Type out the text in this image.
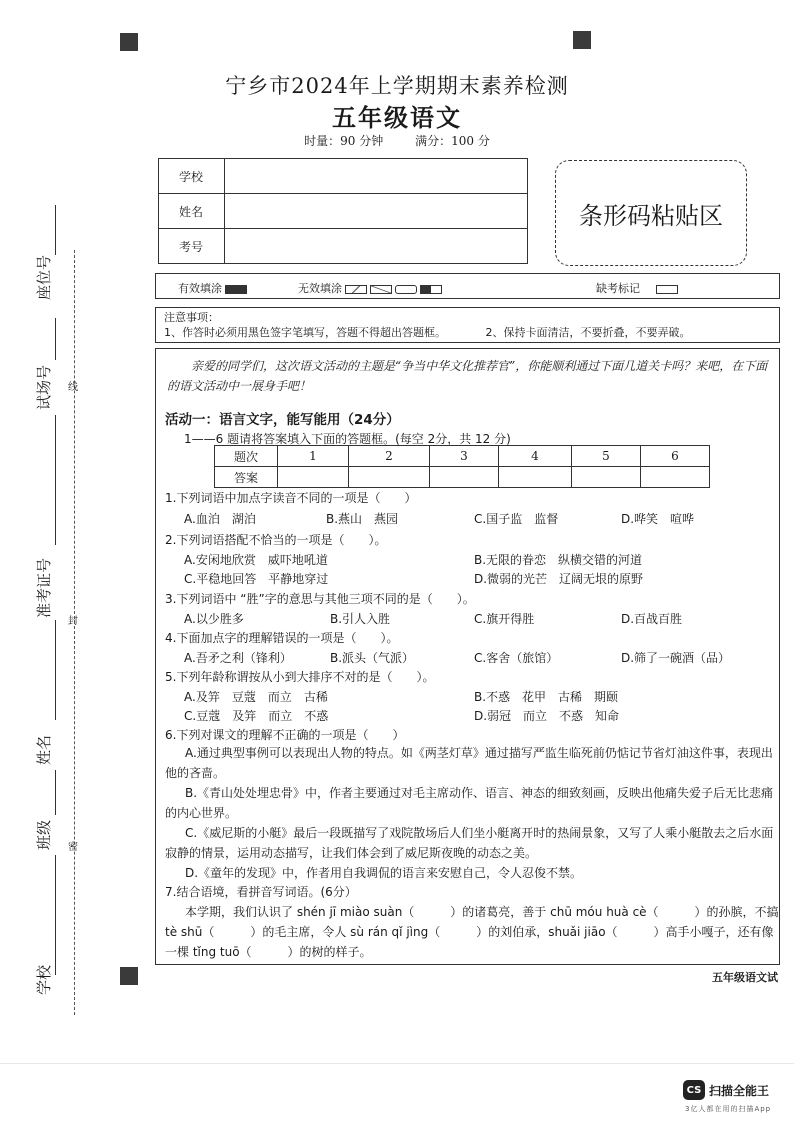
宁乡市2024年上学期期末素养检测
五年级语文
时量：90 分钟	满分：100 分
学校	
姓名	
考号	
条形码粘贴区
有效填涂	无效填涂	缺考标记
注意事项：
1、作答时必须用黑色签字笔填写，答题不得超出答题框。	2、保持卡面清洁，不要折叠，不要弄破。
亲爱的同学们，这次语文活动的主题是“争当中华文化推荐官”，你能顺利通过下面几道关卡吗？来吧，在下面的语文活动中一展身手吧！
活动一：语言文字，能写能用（24分）
1——6 题请将答案填入下面的答题框。(每空 2分，共 12 分)
题次	1	2	3	4	5	6
答案						
1.下列词语中加点字读音不同的一项是（　　）
A.血泊　湖泊	B.燕山　燕园	C.国子监　监督	D.哗笑　喧哗
2.下列词语搭配不恰当的一项是（　　）。
A.安闲地欣赏　威吓地吼道	B.无限的眷恋　纵横交错的河道
C.平稳地回答　平静地穿过	D.微弱的光芒　辽阔无垠的原野
3.下列词语中 “胜”字的意思与其他三项不同的是（　　）。
A.以少胜多	B.引人入胜	C.旗开得胜	D.百战百胜
4.下面加点字的理解错误的一项是（　　）。
A.吾矛之利（锋利）	B.派头（气派）	C.客舍（旅馆）	D.筛了一碗酒（品）
5.下列年龄称谓按从小到大排序不对的是（　　）。
A.及笄　豆蔻　而立　古稀	B.不惑　花甲　古稀　期颐
C.豆蔻　及笄　而立　不惑	D.弱冠　而立　不惑　知命
6.下列对课文的理解不正确的一项是（　　）
A.通过典型事例可以表现出人物的特点。如《两茎灯草》通过描写严监生临死前仍惦记节省灯油这件事，表现出他的吝啬。
B.《青山处处埋忠骨》中，作者主要通过对毛主席动作、语言、神态的细致刻画，反映出他痛失爱子后无比悲痛的内心世界。
C.《威尼斯的小艇》最后一段既描写了戏院散场后人们坐小艇离开时的热闹景象，又写了人乘小艇散去之后水面寂静的情景，运用动态描写，让我们体会到了威尼斯夜晚的动态之美。
D.《童年的发现》中，作者用自我调侃的语言来安慰自己，令人忍俊不禁。
7.结合语境，看拼音写词语。(6分）
本学期，我们认识了 shén jī miào suàn（　　　）的诸葛亮，善于 chū móu huà cè（　　　）的孙膑，不搞 tè shū（　　　）的毛主席，令人 sù rán qǐ jìng（　　　）的刘伯承，shuǎi jiāo（　　　）高手小嘎子，还有像一棵 tǐng tuō（　　　）的树的样子。
座位号
试场号
准考证号
姓名
班级
学校
线
封
密
五年级语文试
CS 扫描全能王
3亿人都在用的扫描App
